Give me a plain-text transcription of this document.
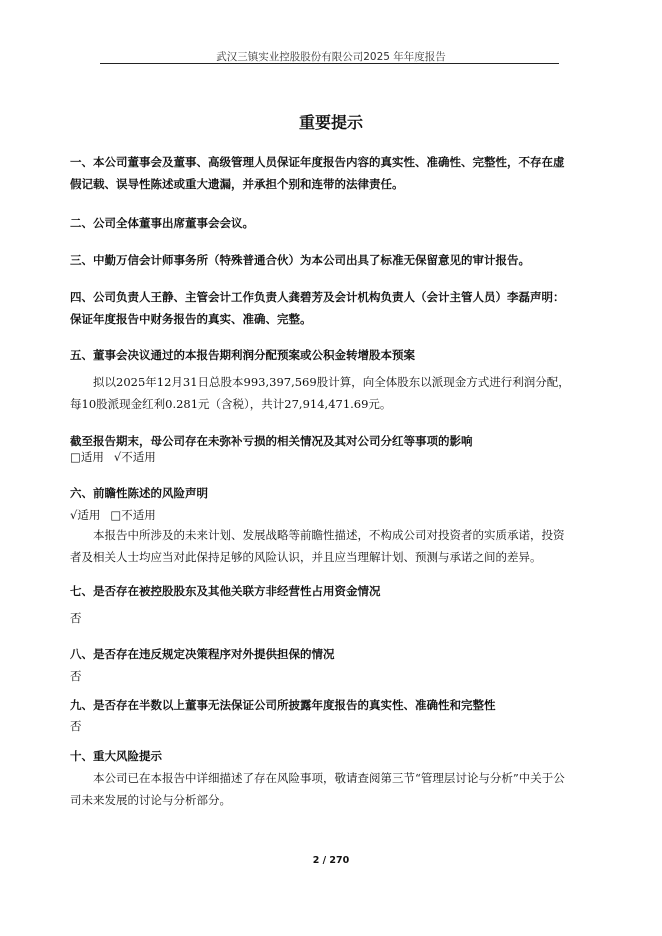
武汉三镇实业控股股份有限公司2025 年年度报告
重要提示
一、本公司董事会及董事、高级管理人员保证年度报告内容的真实性、准确性、完整性，不存在虚假记载、误导性陈述或重大遗漏，并承担个别和连带的法律责任。
二、公司全体董事出席董事会会议。
三、中勤万信会计师事务所（特殊普通合伙）为本公司出具了标准无保留意见的审计报告。
四、公司负责人王静、主管会计工作负责人龚碧芳及会计机构负责人（会计主管人员）李磊声明：保证年度报告中财务报告的真实、准确、完整。
五、董事会决议通过的本报告期利润分配预案或公积金转增股本预案
拟以2025年12月31日总股本993,397,569股计算，向全体股东以派现金方式进行利润分配，每10股派现金红利0.281元（含税），共计27,914,471.69元。
截至报告期末，母公司存在未弥补亏损的相关情况及其对公司分红等事项的影响
□适用 √不适用
六、前瞻性陈述的风险声明
√适用 □不适用
本报告中所涉及的未来计划、发展战略等前瞻性描述，不构成公司对投资者的实质承诺，投资者及相关人士均应当对此保持足够的风险认识，并且应当理解计划、预测与承诺之间的差异。
七、是否存在被控股股东及其他关联方非经营性占用资金情况
否
八、是否存在违反规定决策程序对外提供担保的情况
否
九、是否存在半数以上董事无法保证公司所披露年度报告的真实性、准确性和完整性
否
十、重大风险提示
本公司已在本报告中详细描述了存在风险事项，敬请查阅第三节“管理层讨论与分析”中关于公司未来发展的讨论与分析部分。
2 / 270
